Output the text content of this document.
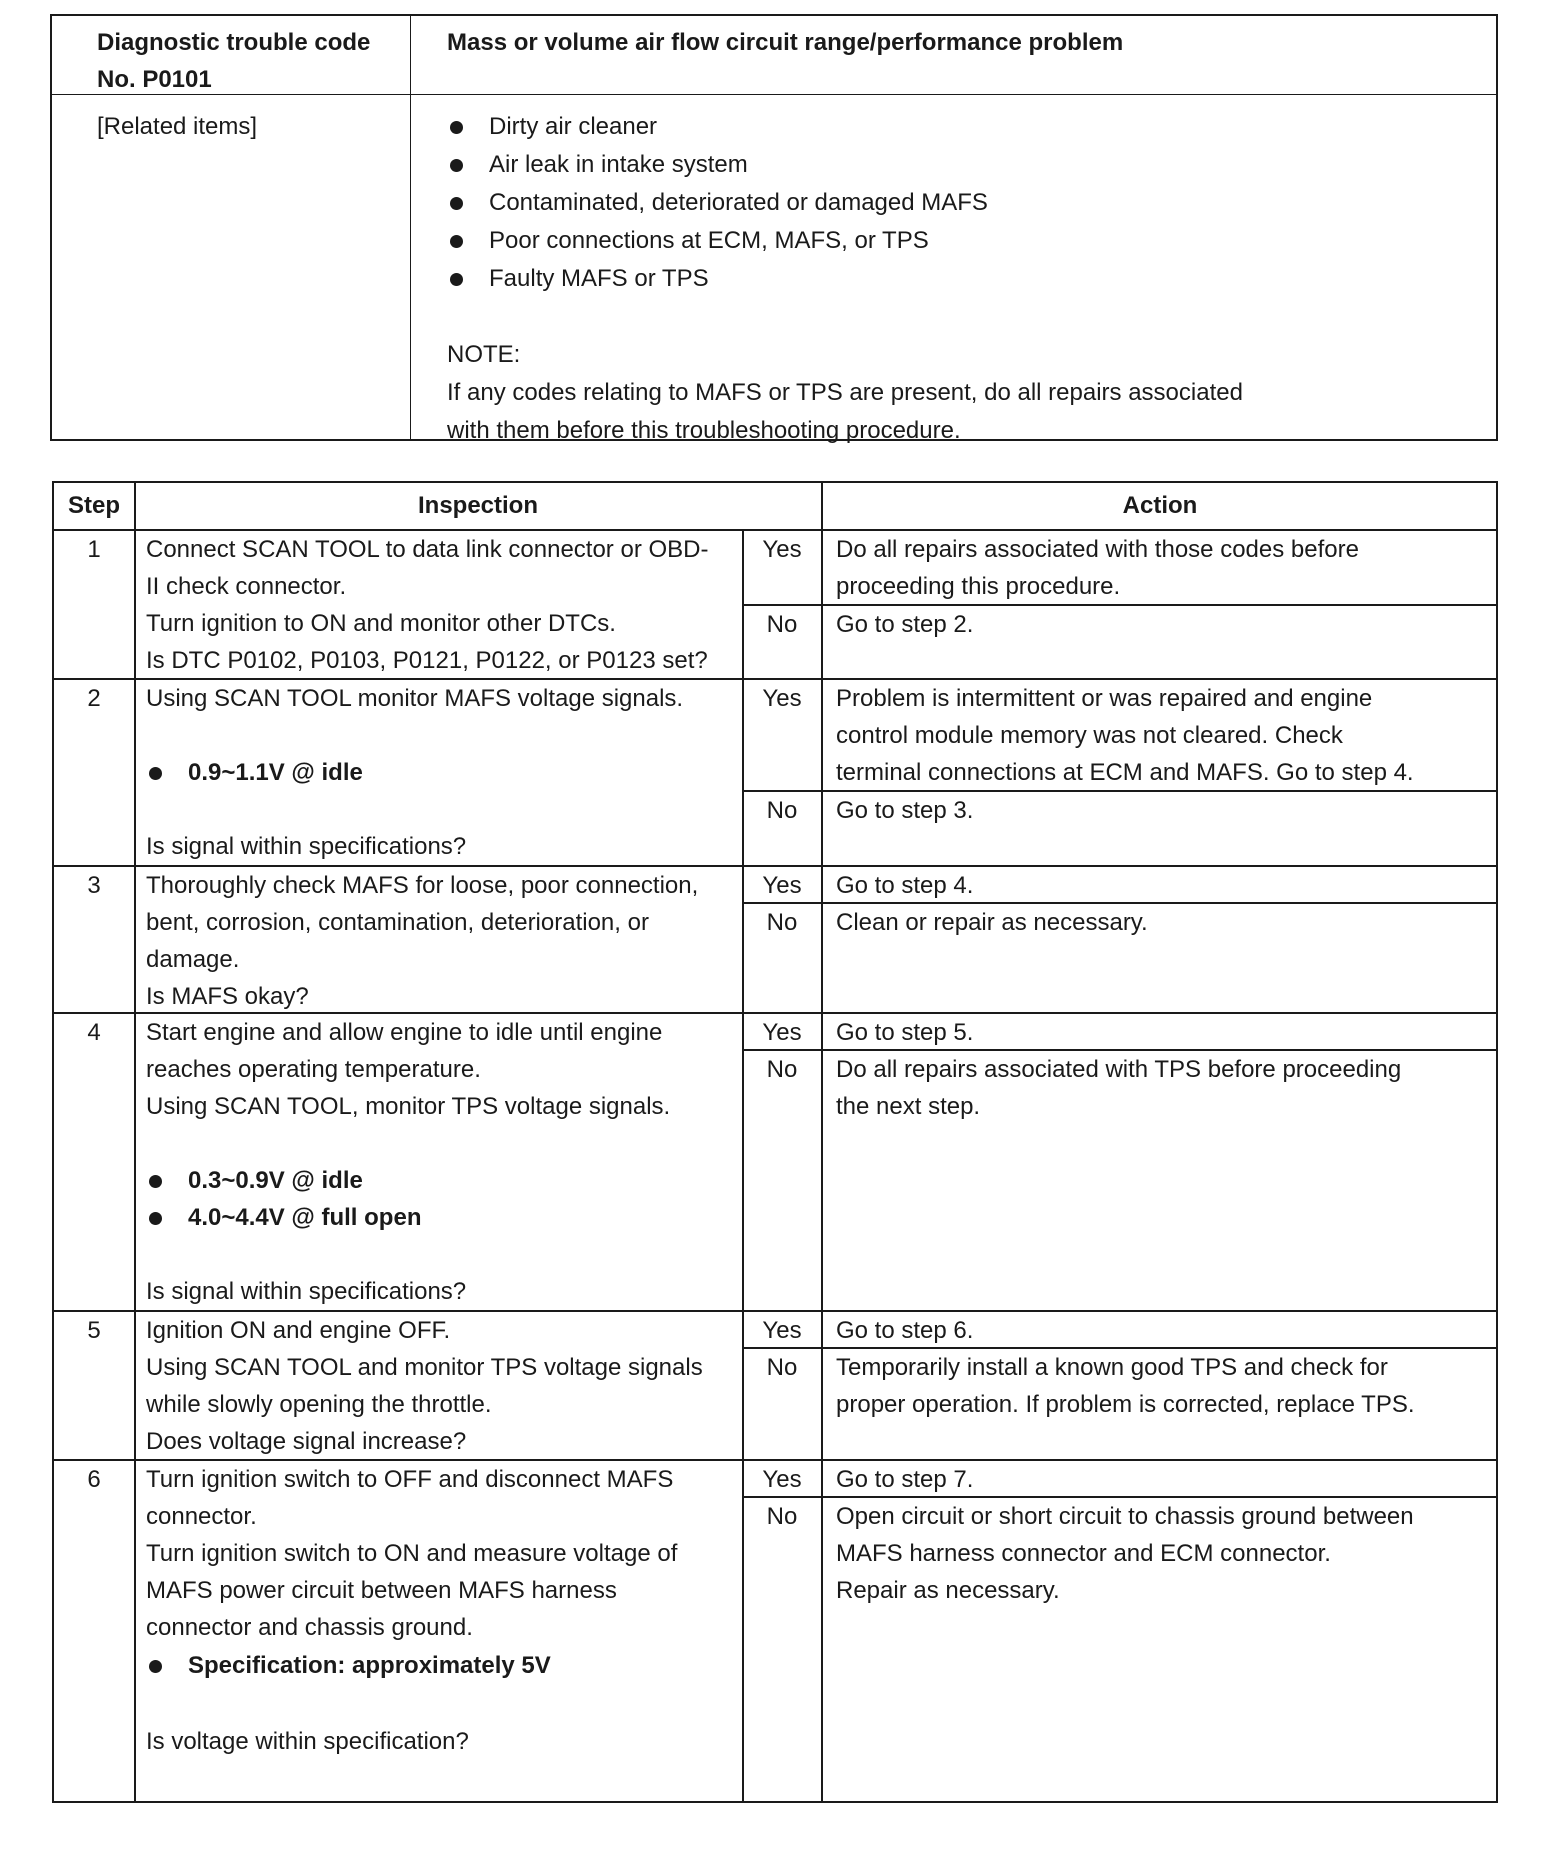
Diagnostic trouble code
No. P0101
Mass or volume air flow circuit range/performance problem
[Related items]	Dirty air cleaner
Air leak in intake system
Contaminated, deteriorated or damaged MAFS
Poor connections at ECM, MAFS, or TPS
Faulty MAFS or TPS
NOTE:
If any codes relating to MAFS or TPS are present, do all repairs associated
with them before this troubleshooting procedure.
Step	Inspection	Action
1	Connect SCAN TOOL to data link connector or OBD-
II check connector.
Turn ignition to ON and monitor other DTCs.
Is DTC P0102, P0103, P0121, P0122, or P0123 set?
Yes	Do all repairs associated with those codes before
proceeding this procedure.
No	Go to step 2.
2	Using SCAN TOOL monitor MAFS voltage signals.
0.9~1.1V @ idle
Is signal within specifications?
Yes	Problem is intermittent or was repaired and engine
control module memory was not cleared. Check
terminal connections at ECM and MAFS. Go to step 4.
No	Go to step 3.
3	Thoroughly check MAFS for loose, poor connection,
bent, corrosion, contamination, deterioration, or
damage.
Is MAFS okay?
Yes	Go to step 4.
No	Clean or repair as necessary.
4	Start engine and allow engine to idle until engine
reaches operating temperature.
Using SCAN TOOL, monitor TPS voltage signals.
0.3~0.9V @ idle
4.0~4.4V @ full open
Is signal within specifications?
Yes	Go to step 5.
No	Do all repairs associated with TPS before proceeding
the next step.
5	Ignition ON and engine OFF.
Using SCAN TOOL and monitor TPS voltage signals
while slowly opening the throttle.
Does voltage signal increase?
Yes	Go to step 6.
No	Temporarily install a known good TPS and check for
proper operation. If problem is corrected, replace TPS.
6	Turn ignition switch to OFF and disconnect MAFS
connector.
Turn ignition switch to ON and measure voltage of
MAFS power circuit between MAFS harness
connector and chassis ground.
Specification: approximately 5V
Is voltage within specification?
Yes	Go to step 7.
No	Open circuit or short circuit to chassis ground between
MAFS harness connector and ECM connector.
Repair as necessary.
